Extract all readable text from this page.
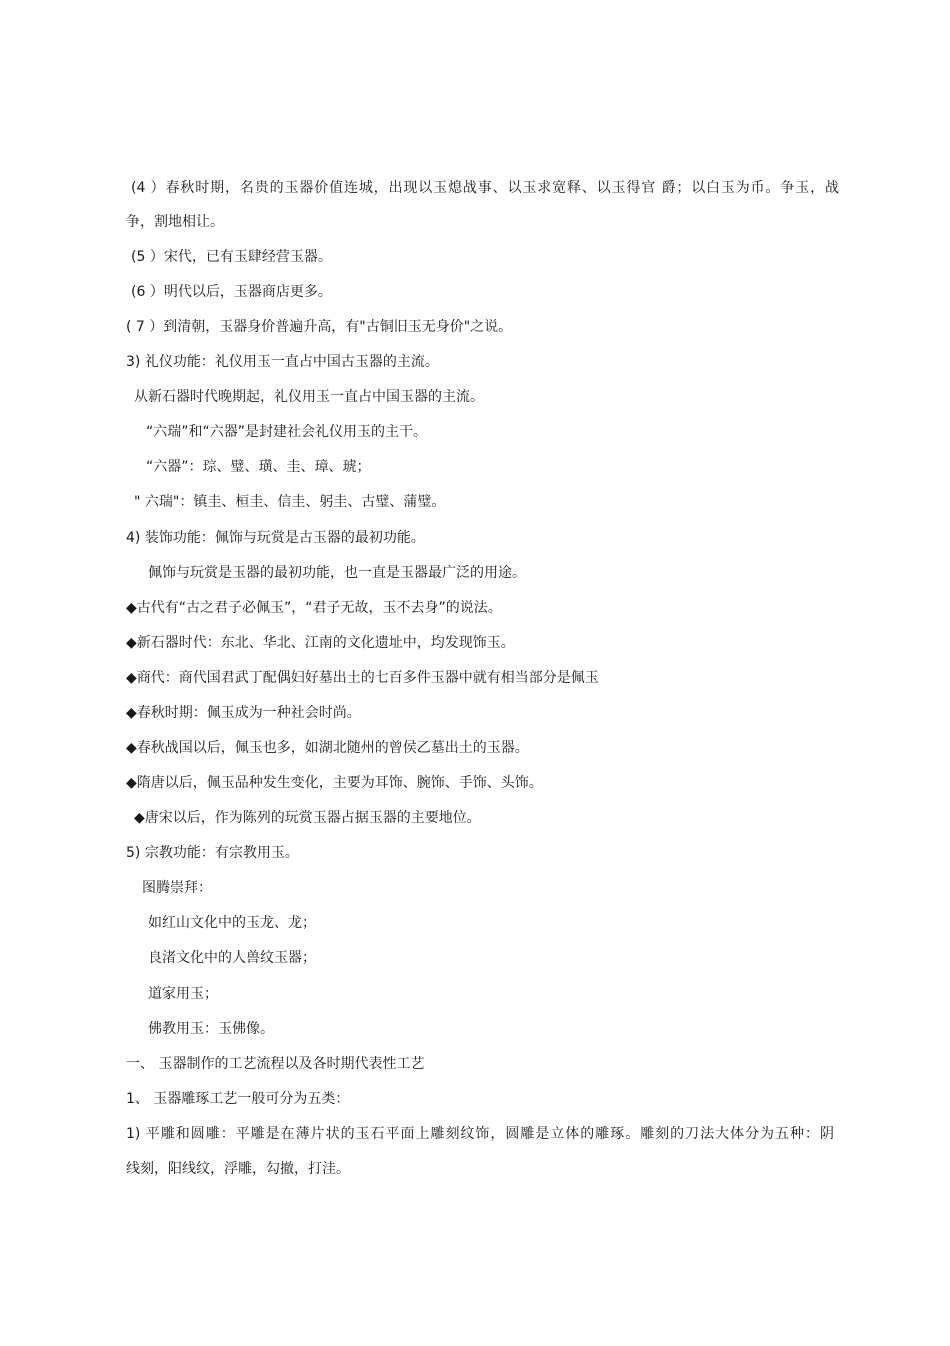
(4 ）春秋时期，名贵的玉器价值连城，出现以玉熄战事、以玉求宽释、以玉得官 爵；以白玉为币。争玉，战
争，割地相让。
(5 ）宋代，已有玉肆经营玉器。
(6 ）明代以后，玉器商店更多。
( 7 ）到清朝，玉器身价普遍升高，有"古铜旧玉无身价"之说。
3) 礼仪功能：礼仪用玉一直占中国古玉器的主流。
从新石器时代晚期起，礼仪用玉一直占中国玉器的主流。
“六瑞”和“六器”是封建社会礼仪用玉的主干。
“六器”：琮、璧、璜、圭、璋、琥；
" 六瑞"：镇圭、桓圭、信圭、躬圭、古璧、蒲璧。
4) 装饰功能：佩饰与玩赏是古玉器的最初功能。
佩饰与玩赏是玉器的最初功能，也一直是玉器最广泛的用途。
◆古代有“古之君子必佩玉”，“君子无故，玉不去身”的说法。
◆新石器时代：东北、华北、江南的文化遗址中，均发现饰玉。
◆商代：商代国君武丁配偶妇好墓出土的七百多件玉器中就有相当部分是佩玉
◆春秋时期：佩玉成为一种社会时尚。
◆春秋战国以后，佩玉也多，如湖北随州的曾侯乙墓出土的玉器。
◆隋唐以后，佩玉品种发生变化，主要为耳饰、腕饰、手饰、头饰。
◆唐宋以后，作为陈列的玩赏玉器占据玉器的主要地位。
5) 宗教功能：有宗教用玉。
图腾崇拜：
如红山文化中的玉龙、龙；
良渚文化中的人兽纹玉器；
道家用玉；
佛教用玉：玉佛像。
一、 玉器制作的工艺流程以及各时期代表性工艺
1、 玉器雕琢工艺一般可分为五类：
1) 平雕和圆雕：平雕是在薄片状的玉石平面上雕刻纹饰，圆雕是立体的雕琢。雕刻的刀法大体分为五种：阴
线刻，阳线纹，浮雕，勾撤，打洼。
